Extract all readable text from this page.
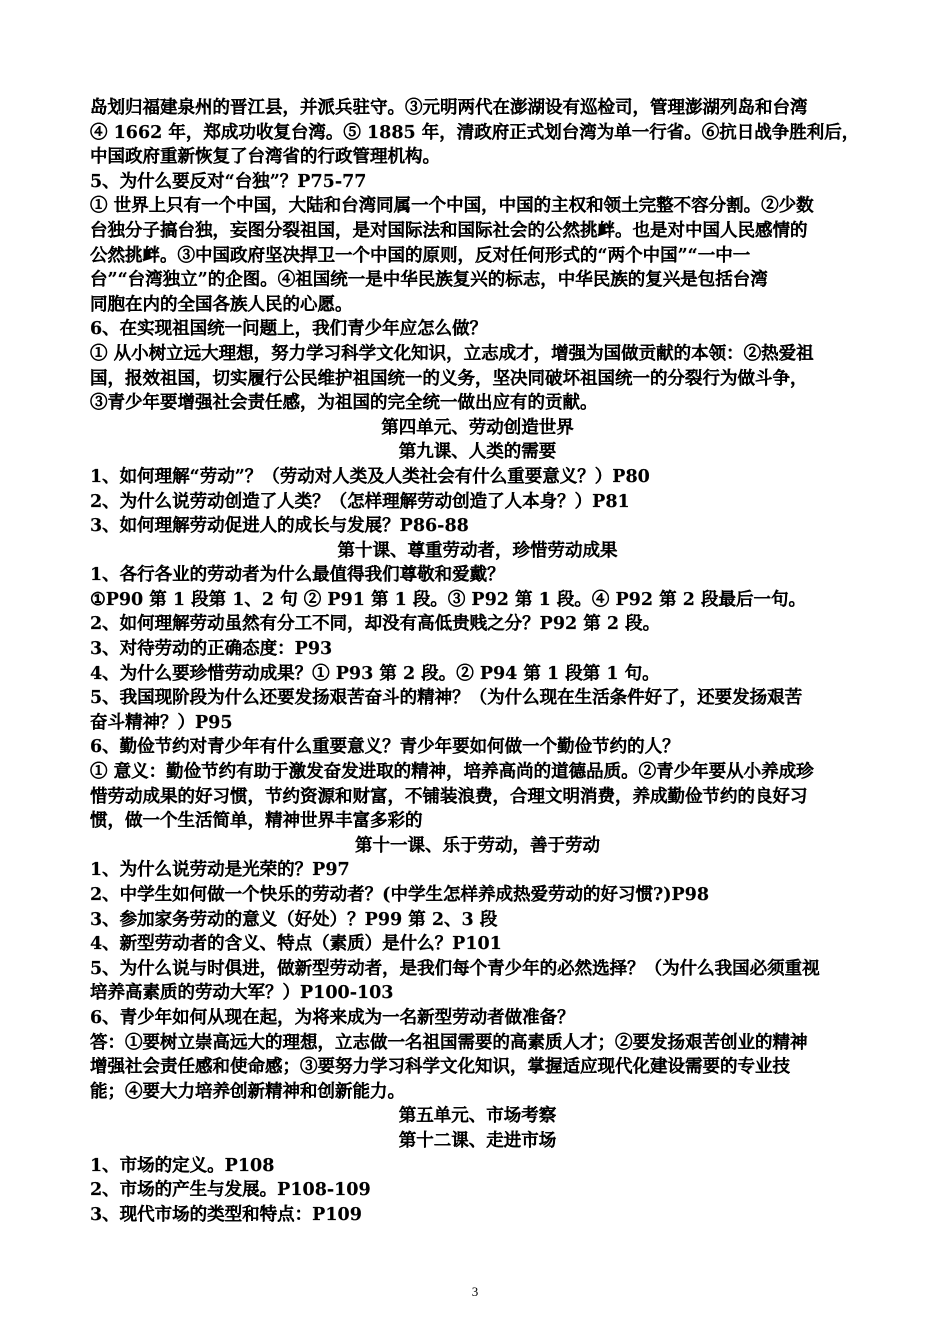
岛划归福建泉州的晋江县，并派兵驻守。③元明两代在澎湖设有巡检司，管理澎湖列岛和台湾
④ 1662 年，郑成功收复台湾。⑤ 1885 年，清政府正式划台湾为单一行省。⑥抗日战争胜利后，
中国政府重新恢复了台湾省的行政管理机构。
5、为什么要反对“台独”？P75-77
① 世界上只有一个中国，大陆和台湾同属一个中国，中国的主权和领土完整不容分割。②少数
台独分子搞台独，妄图分裂祖国，是对国际法和国际社会的公然挑衅。也是对中国人民感情的
公然挑衅。③中国政府坚决捍卫一个中国的原则，反对任何形式的“两个中国”“一中一
台”“台湾独立”的企图。④祖国统一是中华民族复兴的标志，中华民族的复兴是包括台湾
同胞在内的全国各族人民的心愿。
6、在实现祖国统一问题上，我们青少年应怎么做？
① 从小树立远大理想，努力学习科学文化知识，立志成才，增强为国做贡献的本领：②热爱祖
国，报效祖国，切实履行公民维护祖国统一的义务，坚决同破坏祖国统一的分裂行为做斗争，
③青少年要增强社会责任感，为祖国的完全统一做出应有的贡献。
第四单元、劳动创造世界
第九课、人类的需要
1、如何理解“劳动”？（劳动对人类及人类社会有什么重要意义？）P80
2、为什么说劳动创造了人类？（怎样理解劳动创造了人本身？）P81
3、如何理解劳动促进人的成长与发展？P86-88
第十课、尊重劳动者，珍惜劳动成果
1、各行各业的劳动者为什么最值得我们尊敬和爱戴？
①P90 第 1 段第 1、2 句 ② P91 第 1 段。③ P92 第 1 段。④ P92 第 2 段最后一句。
2、如何理解劳动虽然有分工不同，却没有高低贵贱之分？P92 第 2 段。
3、对待劳动的正确态度：P93
4、为什么要珍惜劳动成果？① P93 第 2 段。② P94 第 1 段第 1 句。
5、我国现阶段为什么还要发扬艰苦奋斗的精神？（为什么现在生活条件好了，还要发扬艰苦
奋斗精神？）P95
6、勤俭节约对青少年有什么重要意义？青少年要如何做一个勤俭节约的人？
① 意义：勤俭节约有助于激发奋发进取的精神，培养高尚的道德品质。②青少年要从小养成珍
惜劳动成果的好习惯，节约资源和财富，不铺装浪费，合理文明消费，养成勤俭节约的良好习
惯，做一个生活简单，精神世界丰富多彩的
第十一课、乐于劳动，善于劳动
1、为什么说劳动是光荣的？P97
2、中学生如何做一个快乐的劳动者？(中学生怎样养成热爱劳动的好习惯?)P98
3、参加家务劳动的意义（好处）？P99 第 2、3 段
4、新型劳动者的含义、特点（素质）是什么？P101
5、为什么说与时俱进，做新型劳动者，是我们每个青少年的必然选择？（为什么我国必须重视
培养高素质的劳动大军？）P100-103
6、青少年如何从现在起，为将来成为一名新型劳动者做准备？
答：①要树立崇高远大的理想，立志做一名祖国需要的高素质人才；②要发扬艰苦创业的精神
增强社会责任感和使命感；③要努力学习科学文化知识，掌握适应现代化建设需要的专业技
能；④要大力培养创新精神和创新能力。
第五单元、市场考察
第十二课、走进市场
1、市场的定义。P108
2、市场的产生与发展。P108-109
3、现代市场的类型和特点：P109
3
